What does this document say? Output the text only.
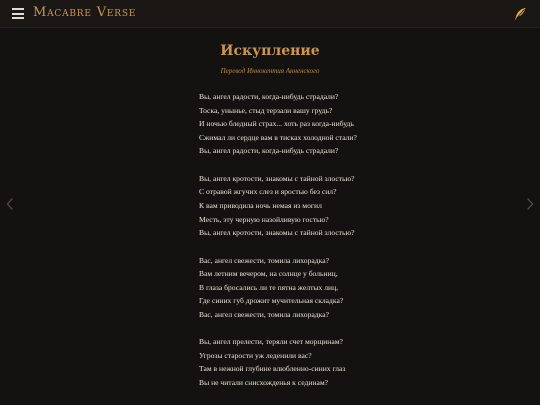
Macabre Verse
Искупление
Перевод Иннокентия Анненского
Вы, ангел радости, когда-нибудь страдали?
Тоска, унынье, стыд терзали вашу грудь?
И ночью бледный страх... хоть раз когда-нибудь
Сжимал ли сердце вам в тисках холодной стали?
Вы, ангел радости, когда-нибудь страдали?
Вы, ангел кротости, знакомы с тайной злостью?
С отравой жгучих слез и яростью без сил?
К вам приводила ночь немая из могил
Месть, эту черную назойливую гостью?
Вы, ангел кротости, знакомы с тайной злостью?
Вас, ангел свежести, томила лихорадка?
Вам летним вечером, на солнце у больниц,
В глаза бросались ли те пятна желтых лиц,
Где синих губ дрожит мучительная складка?
Вас, ангел свежести, томила лихорадка?
Вы, ангел прелести, теряли счет морщинам?
Угрозы старости уж леденили вас?
Там в нежной глубине влюбленно-синих глаз
Вы не читали снисхожденья к сединам?
